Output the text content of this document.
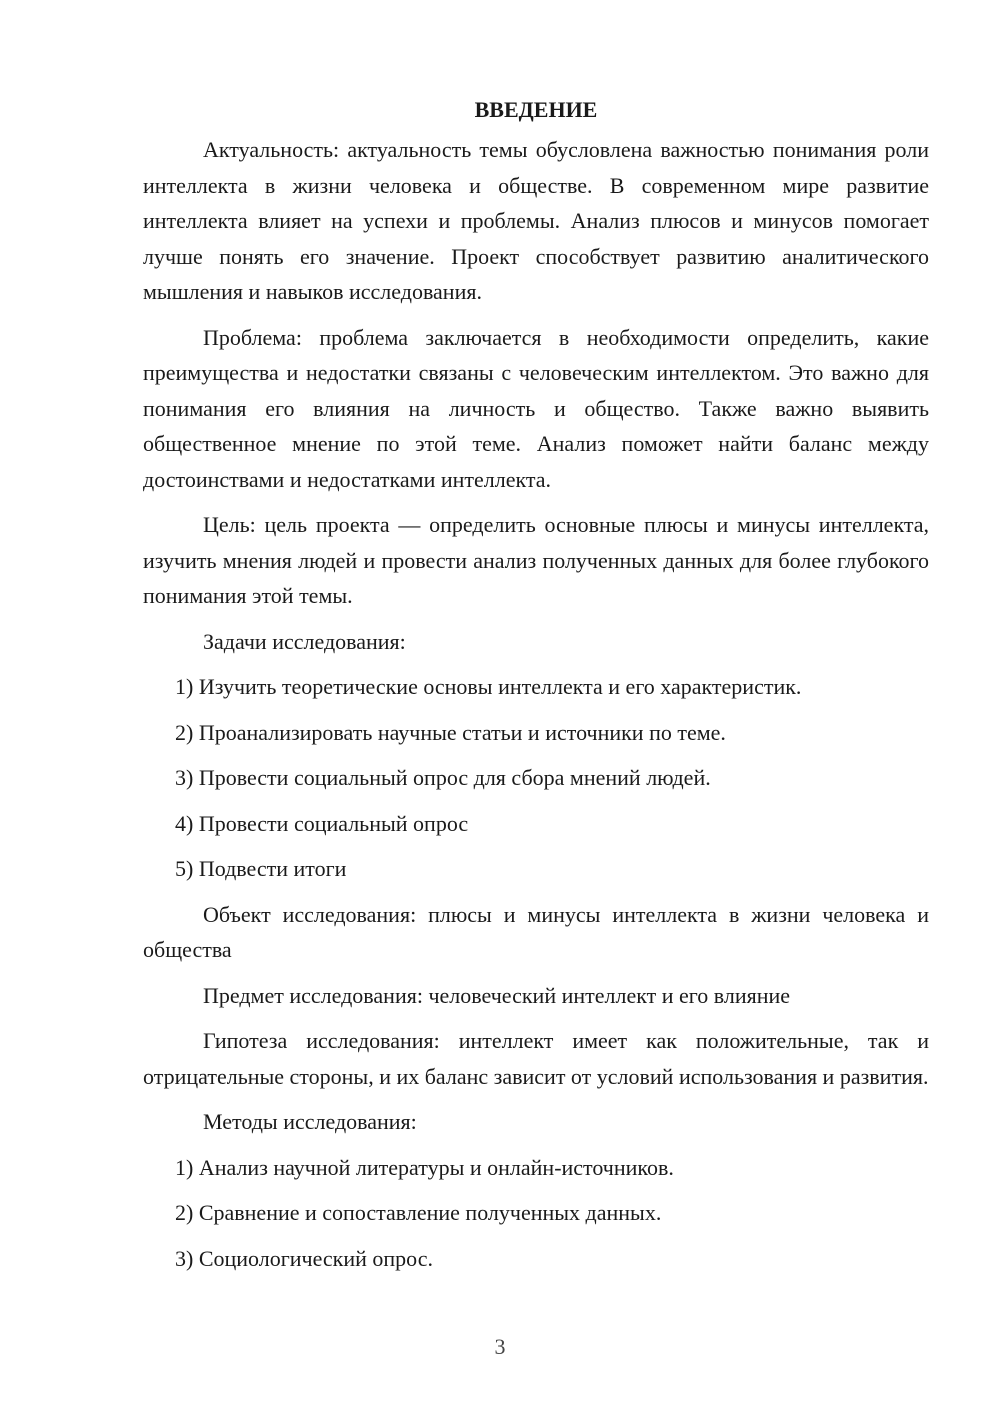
ВВЕДЕНИЕ

Актуальность: актуальность темы обусловлена важностью понимания роли интеллекта в жизни человека и обществе. В современном мире развитие интеллекта влияет на успехи и проблемы. Анализ плюсов и минусов помогает лучше понять его значение. Проект способствует развитию аналитического мышления и навыков исследования.

Проблема: проблема заключается в необходимости определить, какие преимущества и недостатки связаны с человеческим интеллектом. Это важно для понимания его влияния на личность и общество. Также важно выявить общественное мнение по этой теме. Анализ поможет найти баланс между достоинствами и недостатками интеллекта.

Цель: цель проекта — определить основные плюсы и минусы интеллекта, изучить мнения людей и провести анализ полученных данных для более глубокого понимания этой темы.

Задачи исследования:

1) Изучить теоретические основы интеллекта и его характеристик.

2) Проанализировать научные статьи и источники по теме.

3) Провести социальный опрос для сбора мнений людей.

4) Провести социальный опрос

5) Подвести итоги

Объект исследования: плюсы и минусы интеллекта в жизни человека и общества

Предмет исследования: человеческий интеллект и его влияние

Гипотеза исследования: интеллект имеет как положительные, так и отрицательные стороны, и их баланс зависит от условий использования и развития.

Методы исследования:

1) Анализ научной литературы и онлайн-источников.

2) Сравнение и сопоставление полученных данных.

3) Социологический опрос.

3
